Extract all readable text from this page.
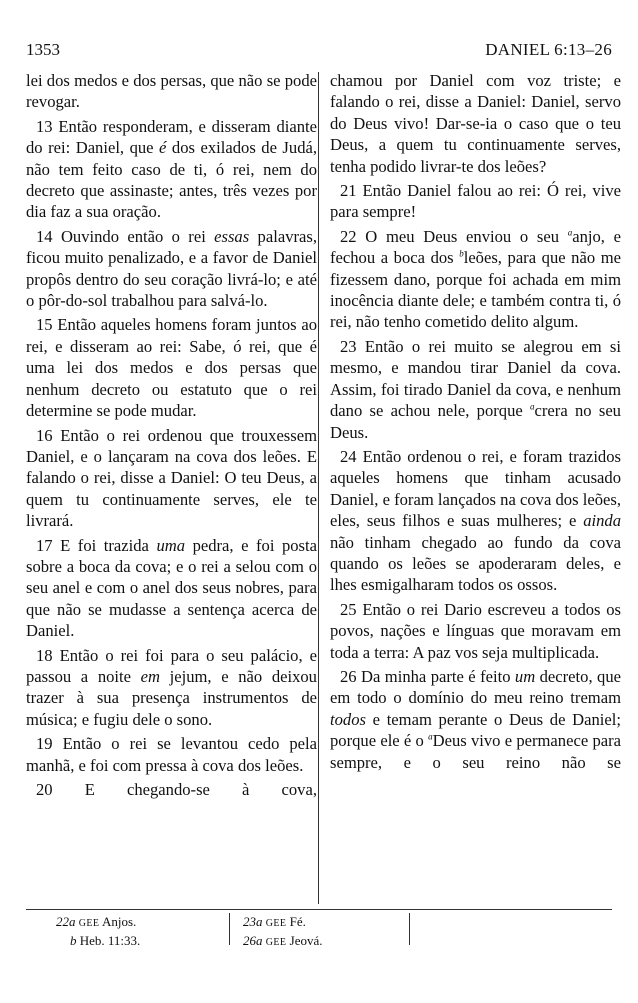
1353	DANIEL 6:13–26

lei dos medos e dos persas, que não se pode revogar.

13 Então responderam, e disseram diante do rei: Daniel, que é dos exilados de Judá, não tem feito caso de ti, ó rei, nem do decreto que assinaste; antes, três vezes por dia faz a sua oração.

14 Ouvindo então o rei essas palavras, ficou muito penalizado, e a favor de Daniel propôs dentro do seu coração livrá-lo; e até o pôr-do-sol trabalhou para salvá-lo.

15 Então aqueles homens foram juntos ao rei, e disseram ao rei: Sabe, ó rei, que é uma lei dos medos e dos persas que nenhum decreto ou estatuto que o rei determine se pode mudar.

16 Então o rei ordenou que trouxessem Daniel, e o lançaram na cova dos leões. E falando o rei, disse a Daniel: O teu Deus, a quem tu continuamente serves, ele te livrará.

17 E foi trazida uma pedra, e foi posta sobre a boca da cova; e o rei a selou com o seu anel e com o anel dos seus nobres, para que não se mudasse a sentença acerca de Daniel.

18 Então o rei foi para o seu palácio, e passou a noite em jejum, e não deixou trazer à sua presença instrumentos de música; e fugiu dele o sono.

19 Então o rei se levantou cedo pela manhã, e foi com pressa à cova dos leões.

20 E chegando-se à cova,

chamou por Daniel com voz triste; e falando o rei, disse a Daniel: Daniel, servo do Deus vivo! Dar-se-ia o caso que o teu Deus, a quem tu continuamente serves, tenha podido livrar-te dos leões?

21 Então Daniel falou ao rei: Ó rei, vive para sempre!

22 O meu Deus enviou o seu $^a$anjo, e fechou a boca dos $^b$leões, para que não me fizessem dano, porque foi achada em mim inocência diante dele; e também contra ti, ó rei, não tenho cometido delito algum.

23 Então o rei muito se alegrou em si mesmo, e mandou tirar Daniel da cova. Assim, foi tirado Daniel da cova, e nenhum dano se achou nele, porque $^a$crera no seu Deus.

24 Então ordenou o rei, e foram trazidos aqueles homens que tinham acusado Daniel, e foram lançados na cova dos leões, eles, seus filhos e suas mulheres; e ainda não tinham chegado ao fundo da cova quando os leões se apoderaram deles, e lhes esmigalharam todos os ossos.

25 Então o rei Dario escreveu a todos os povos, nações e línguas que moravam em toda a terra: A paz vos seja multiplicada.

26 Da minha parte é feito um decreto, que em todo o domínio do meu reino tremam todos e temam perante o Deus de Daniel; porque ele é o $^a$Deus vivo e permanece para sempre, e o seu reino não se

22a GEE Anjos.
b Heb. 11:33.
23a GEE Fé.
26a GEE Jeová.
